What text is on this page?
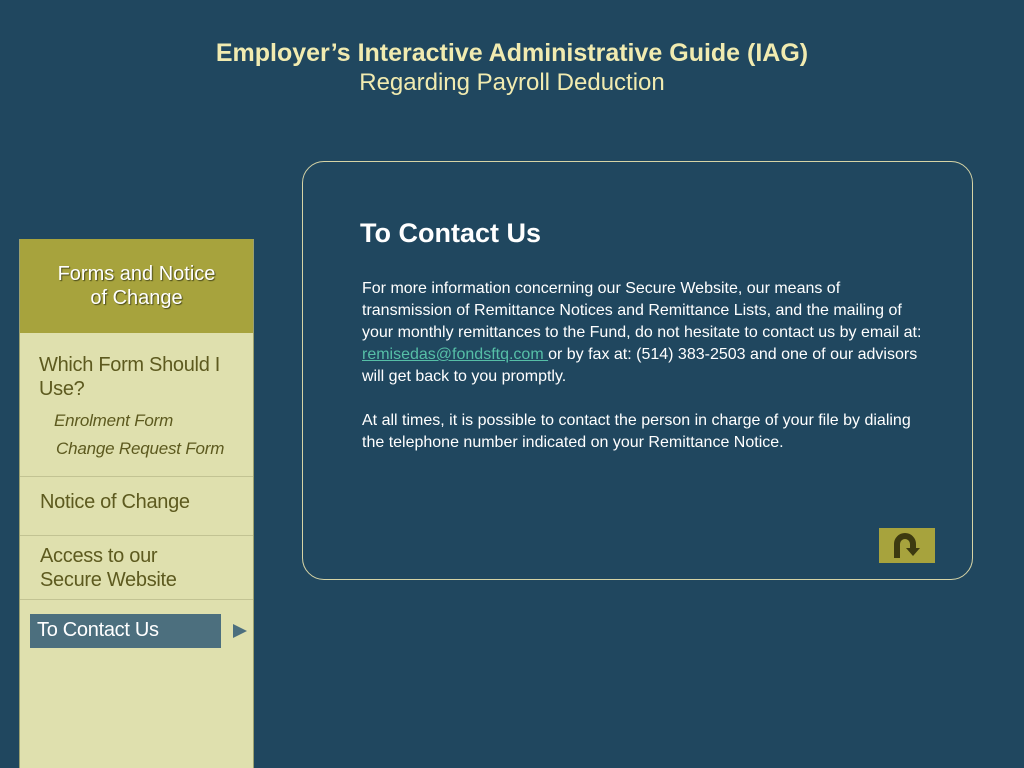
Employer’s Interactive Administrative Guide (IAG)
Regarding Payroll Deduction
Forms and Notice
of Change
Which Form Should I
Use?
Enrolment Form
Change Request Form
Notice of Change
Access to our
Secure Website
To Contact Us
To Contact Us

For more information concerning our Secure Website, our means of transmission of Remittance Notices and Remittance Lists, and the mailing of your monthly remittances to the Fund, do not hesitate to contact us by email at: remisedas@fondsftq.com or by fax at: (514) 383-2503 and one of our advisors will get back to you promptly.

At all times, it is possible to contact the person in charge of your file by dialing the telephone number indicated on your Remittance Notice.
